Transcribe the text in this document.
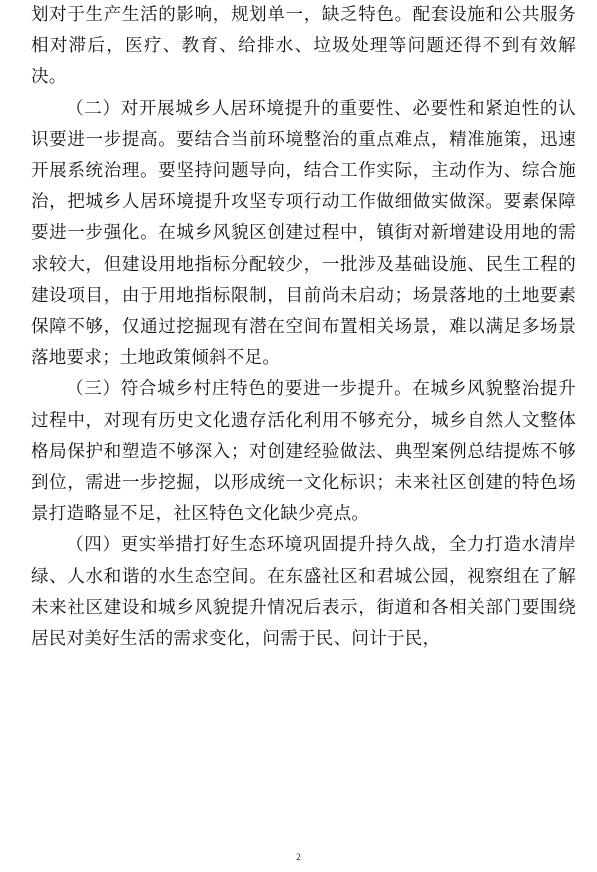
划对于生产生活的影响，规划单一，缺乏特色。配套设施和公共服务相对滞后，医疗、教育、给排水、垃圾处理等问题还得不到有效解决。

（二）对开展城乡人居环境提升的重要性、必要性和紧迫性的认识要进一步提高。要结合当前环境整治的重点难点，精准施策，迅速开展系统治理。要坚持问题导向，结合工作实际，主动作为、综合施治，把城乡人居环境提升攻坚专项行动工作做细做实做深。要素保障要进一步强化。在城乡风貌区创建过程中，镇街对新增建设用地的需求较大，但建设用地指标分配较少，一批涉及基础设施、民生工程的建设项目，由于用地指标限制，目前尚未启动；场景落地的土地要素保障不够，仅通过挖掘现有潜在空间布置相关场景，难以满足多场景落地要求；土地政策倾斜不足。

（三）符合城乡村庄特色的要进一步提升。在城乡风貌整治提升过程中，对现有历史文化遗存活化利用不够充分，城乡自然人文整体格局保护和塑造不够深入；对创建经验做法、典型案例总结提炼不够到位，需进一步挖掘，以形成统一文化标识；未来社区创建的特色场景打造略显不足，社区特色文化缺少亮点。

（四）更实举措打好生态环境巩固提升持久战，全力打造水清岸绿、人水和谐的水生态空间。在东盛社区和君城公园，视察组在了解未来社区建设和城乡风貌提升情况后表示，街道和各相关部门要围绕居民对美好生活的需求变化，问需于民、问计于民，

2
